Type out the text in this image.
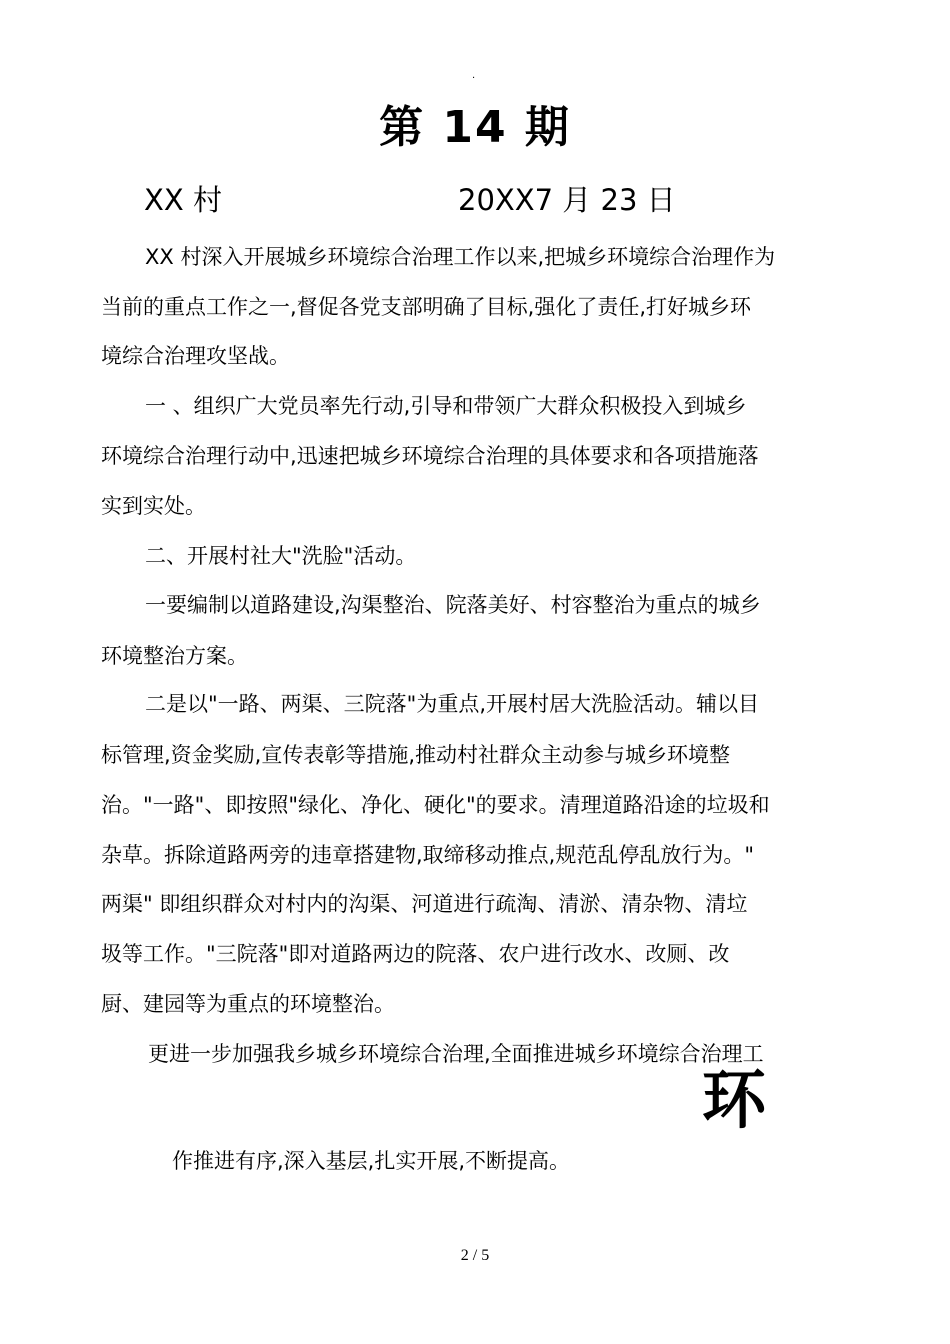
.
第 14 期
XX 村	20XX7 月 23 日
XX 村深入开展城乡环境综合治理工作以来,把城乡环境综合治理作为
当前的重点工作之一,督促各党支部明确了目标,强化了责任,打好城乡环
境综合治理攻坚战。
一 、组织广大党员率先行动,引导和带领广大群众积极投入到城乡
环境综合治理行动中,迅速把城乡环境综合治理的具体要求和各项措施落
实到实处。
二、开展村社大"洗脸"活动。
一要编制以道路建设,沟渠整治、院落美好、村容整治为重点的城乡
环境整治方案。
二是以"一路、两渠、三院落"为重点,开展村居大洗脸活动。辅以目
标管理,资金奖励,宣传表彰等措施,推动村社群众主动参与城乡环境整
治。"一路"、即按照"绿化、净化、硬化"的要求。清理道路沿途的垃圾和
杂草。拆除道路两旁的违章搭建物,取缔移动推点,规范乱停乱放行为。"
两渠" 即组织群众对村内的沟渠、河道进行疏淘、清淤、清杂物、清垃
圾等工作。"三院落"即对道路两边的院落、农户进行改水、改厕、改
厨、建园等为重点的环境整治。
更进一步加强我乡城乡环境综合治理,全面推进城乡环境综合治理工
环
作推进有序,深入基层,扎实开展,不断提高。
2 / 5
